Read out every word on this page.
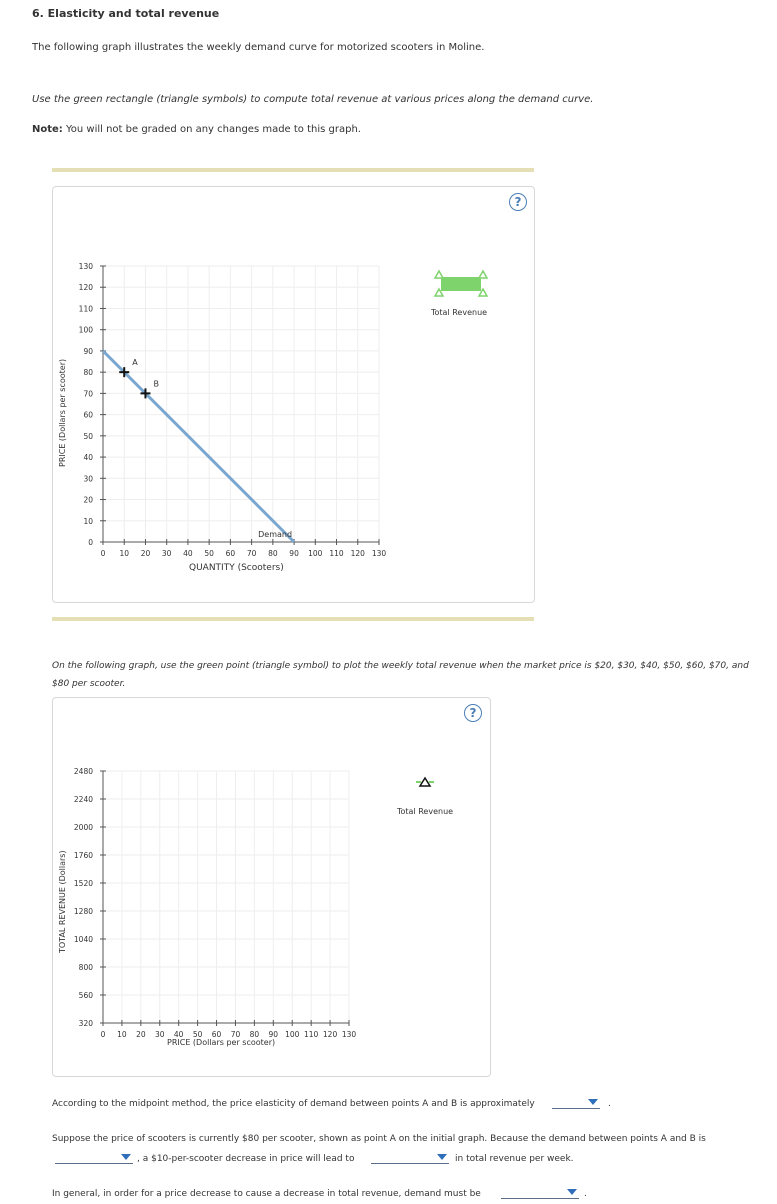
6. Elasticity and total revenue
The following graph illustrates the weekly demand curve for motorized scooters in Moline.
Use the green rectangle (triangle symbols) to compute total revenue at various prices along the demand curve.
Note: You will not be graded on any changes made to this graph.
?
PRICE (Dollars per scooter)
0 10 20 30 40 50 60 70 80 90 100 110 120 130
0
10
20
30
40
50
60
70
80
90
100
110
120
130
Demand
A
B
Total Revenue
QUANTITY (Scooters)
On the following graph, use the green point (triangle symbol) to plot the weekly total revenue when the market price is $20, $30, $40, $50, $60, $70, and $80 per scooter.
?
TOTAL REVENUE (Dollars)
0 10 20 30 40 50 60 70 80 90 100 110 120 130
320
560
800
1040
1280
1520
1760
2000
2240
2480
Total Revenue
PRICE (Dollars per scooter)
According to the midpoint method, the price elasticity of demand between points A and B is approximately	.
Suppose the price of scooters is currently $80 per scooter, shown as point A on the initial graph. Because the demand between points A and B is
, a $10-per-scooter decrease in price will lead to	in total revenue per week.
In general, in order for a price decrease to cause a decrease in total revenue, demand must be	.
